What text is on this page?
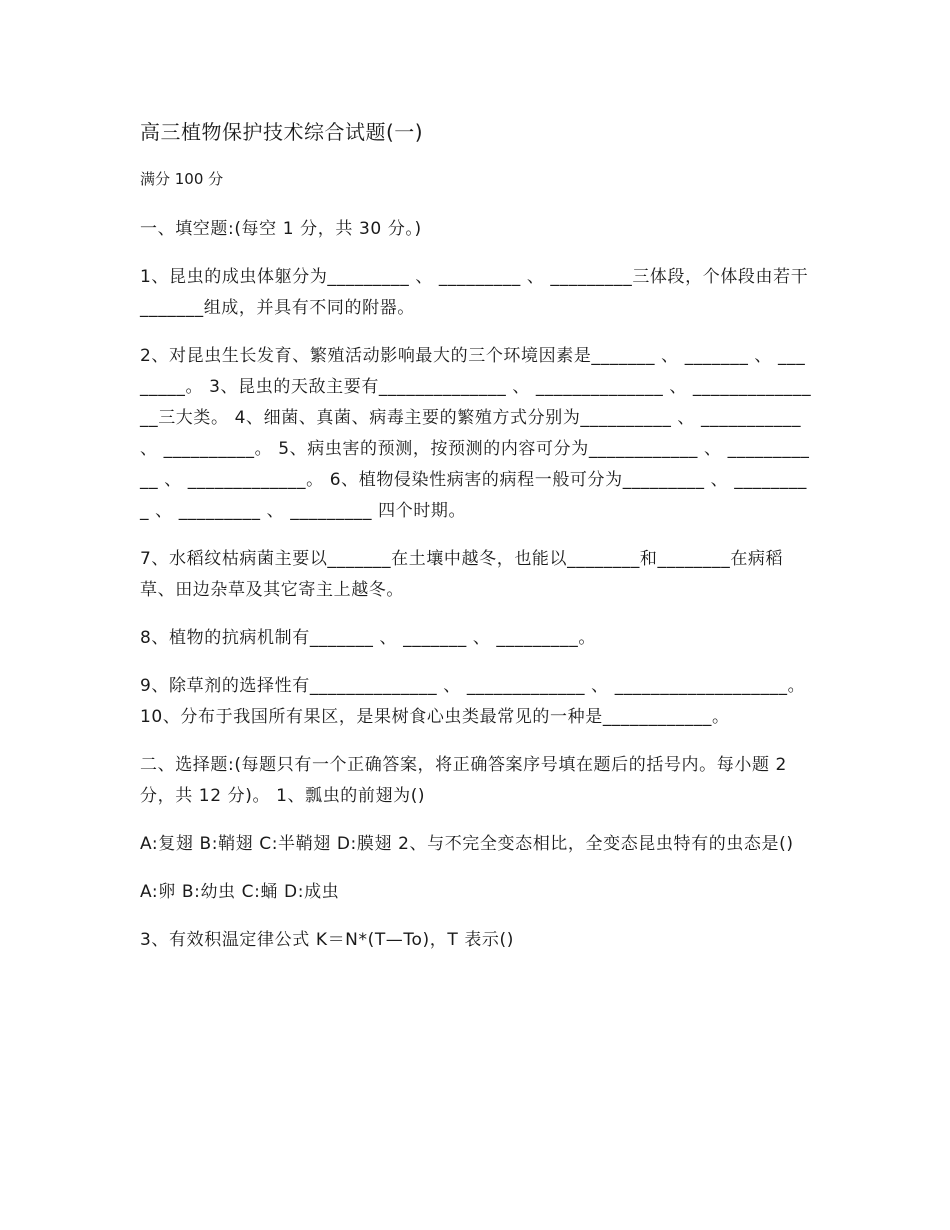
高三植物保护技术综合试题(一)
满分 100 分
一、填空题:(每空 1 分，共 30 分。)
1、昆虫的成虫体躯分为_________ 、 _________ 、 _________三体段，个体段由若干_______组成，并具有不同的附器。
2、对昆虫生长发育、繁殖活动影响最大的三个环境因素是_______ 、 _______ 、 ________。 3、昆虫的天敌主要有______________ 、 ______________ 、 _______________三大类。 4、细菌、真菌、病毒主要的繁殖方式分别为__________ 、 ___________ 、 __________。 5、病虫害的预测，按预测的内容可分为____________ 、 ___________ 、 _____________。 6、植物侵染性病害的病程一般可分为_________ 、 _________ 、 _________ 、 _________ 四个时期。
7、水稻纹枯病菌主要以_______在土壤中越冬，也能以________和________在病稻草、田边杂草及其它寄主上越冬。
8、植物的抗病机制有_______ 、 _______ 、 _________。
9、除草剂的选择性有______________ 、 _____________ 、 ___________________。 10、分布于我国所有果区，是果树食心虫类最常见的一种是____________。
二、选择题:(每题只有一个正确答案，将正确答案序号填在题后的括号内。每小题 2 分，共 12 分)。 1、瓢虫的前翅为()
A:复翅 B:鞘翅 C:半鞘翅 D:膜翅 2、与不完全变态相比，全变态昆虫特有的虫态是()
A:卵 B:幼虫 C:蛹 D:成虫
3、有效积温定律公式 K＝N*(T—To)，T 表示()
